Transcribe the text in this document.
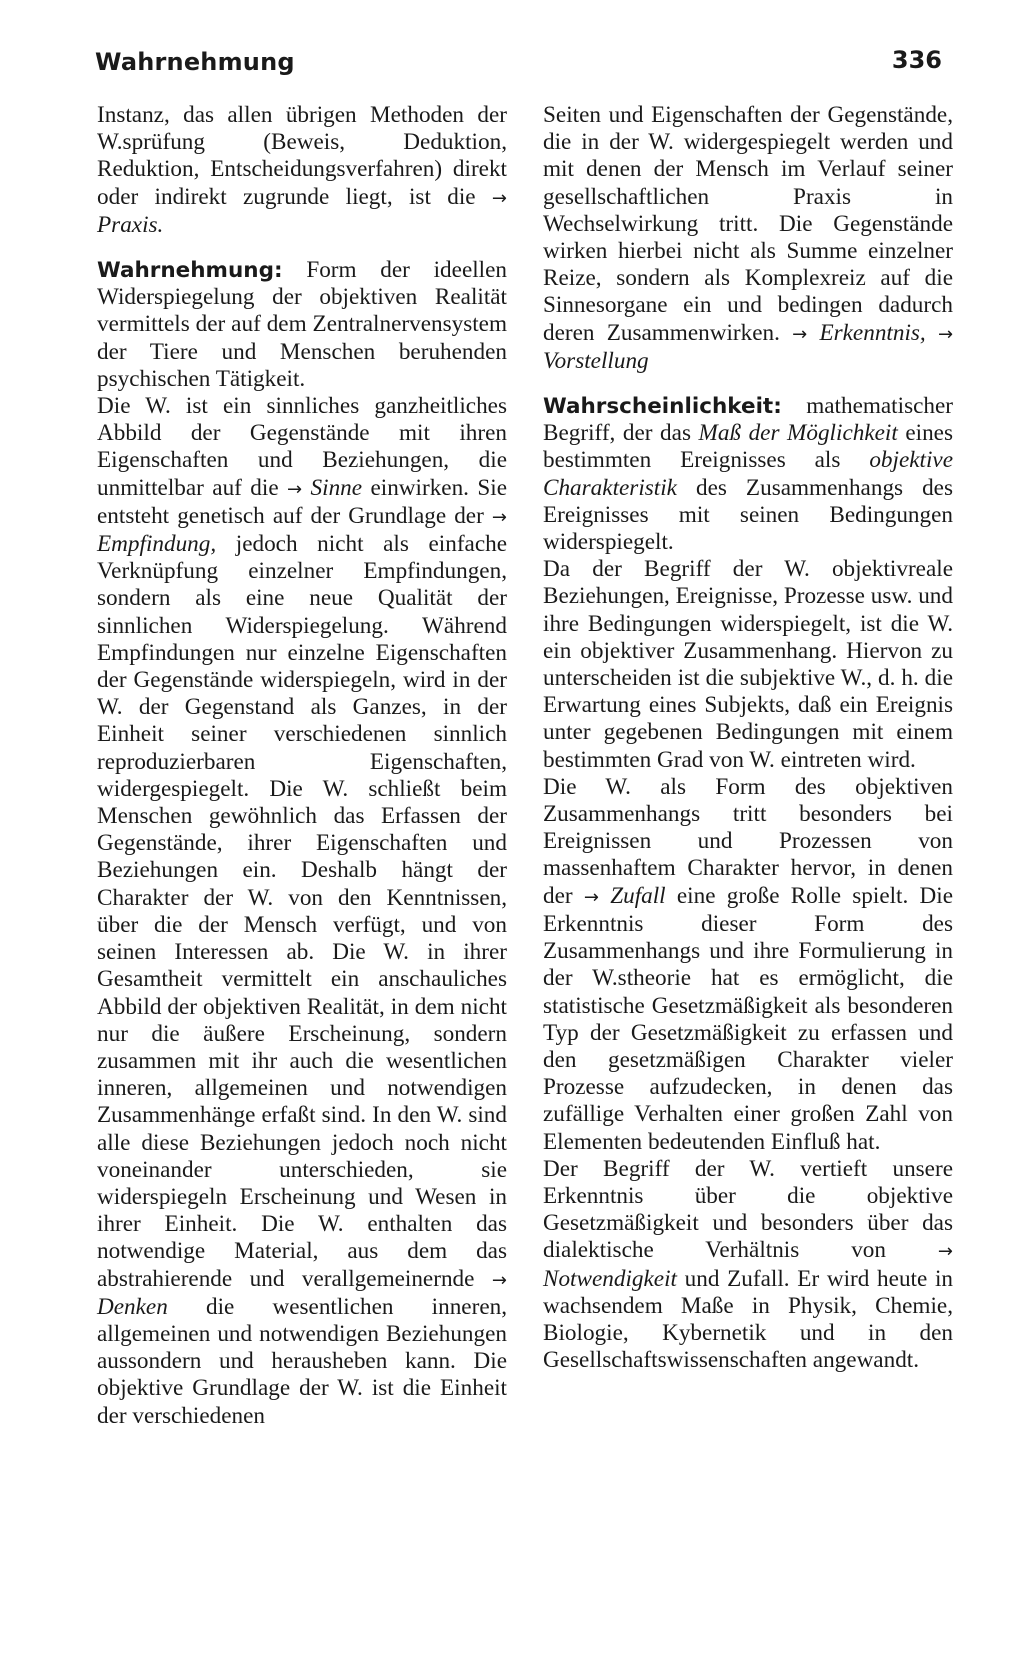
Wahrnehmung	336

Instanz, das allen übrigen Methoden der W.sprüfung (Beweis, Deduktion, Reduktion, Entscheidungsverfahren) direkt oder indirekt zugrunde liegt, ist die → Praxis.

Wahrnehmung: Form der ideellen Widerspiegelung der objektiven Realität vermittels der auf dem Zentralnervensystem der Tiere und Menschen beruhenden psychischen Tätigkeit.

Die W. ist ein sinnliches ganzheitliches Abbild der Gegenstände mit ihren Eigenschaften und Beziehungen, die unmittelbar auf die → Sinne einwirken. Sie entsteht genetisch auf der Grundlage der → Empfindung, jedoch nicht als einfache Verknüpfung einzelner Empfindungen, sondern als eine neue Qualität der sinnlichen Widerspiegelung. Während Empfindungen nur einzelne Eigenschaften der Gegenstände widerspiegeln, wird in der W. der Gegenstand als Ganzes, in der Einheit seiner verschiedenen sinnlich reproduzierbaren Eigenschaften, widergespiegelt. Die W. schließt beim Menschen gewöhnlich das Erfassen der Gegenstände, ihrer Eigenschaften und Beziehungen ein. Deshalb hängt der Charakter der W. von den Kenntnissen, über die der Mensch verfügt, und von seinen Interessen ab. Die W. in ihrer Gesamtheit vermittelt ein anschauliches Abbild der objektiven Realität, in dem nicht nur die äußere Erscheinung, sondern zusammen mit ihr auch die wesentlichen inneren, allgemeinen und notwendigen Zusammenhänge erfaßt sind. In den W. sind alle diese Beziehungen jedoch noch nicht voneinander unterschieden, sie widerspiegeln Erscheinung und Wesen in ihrer Einheit. Die W. enthalten das notwendige Material, aus dem das abstrahierende und verallgemeinernde → Denken die wesentlichen inneren, allgemeinen und notwendigen Beziehungen aussondern und herausheben kann. Die objektive Grundlage der W. ist die Einheit der verschiedenen

Seiten und Eigenschaften der Gegenstände, die in der W. widergespiegelt werden und mit denen der Mensch im Verlauf seiner gesellschaftlichen Praxis in Wechselwirkung tritt. Die Gegenstände wirken hierbei nicht als Summe einzelner Reize, sondern als Komplexreiz auf die Sinnesorgane ein und bedingen dadurch deren Zusammenwirken. → Erkenntnis, → Vorstellung

Wahrscheinlichkeit: mathematischer Begriff, der das Maß der Möglichkeit eines bestimmten Ereignisses als objektive Charakteristik des Zusammenhangs des Ereignisses mit seinen Bedingungen widerspiegelt.

Da der Begriff der W. objektivreale Beziehungen, Ereignisse, Prozesse usw. und ihre Bedingungen widerspiegelt, ist die W. ein objektiver Zusammenhang. Hiervon zu unterscheiden ist die subjektive W., d. h. die Erwartung eines Subjekts, daß ein Ereignis unter gegebenen Bedingungen mit einem bestimmten Grad von W. eintreten wird.

Die W. als Form des objektiven Zusammenhangs tritt besonders bei Ereignissen und Prozessen von massenhaftem Charakter hervor, in denen der → Zufall eine große Rolle spielt. Die Erkenntnis dieser Form des Zusammenhangs und ihre Formulierung in der W.stheorie hat es ermöglicht, die statistische Gesetzmäßigkeit als besonderen Typ der Gesetzmäßigkeit zu erfassen und den gesetzmäßigen Charakter vieler Prozesse aufzudecken, in denen das zufällige Verhalten einer großen Zahl von Elementen bedeutenden Einfluß hat.

Der Begriff der W. vertieft unsere Erkenntnis über die objektive Gesetzmäßigkeit und besonders über das dialektische Verhältnis von	→ Notwendigkeit und Zufall. Er wird heute in wachsendem Maße in Physik, Chemie, Biologie, Kybernetik und in den Gesellschaftswissenschaften angewandt.
